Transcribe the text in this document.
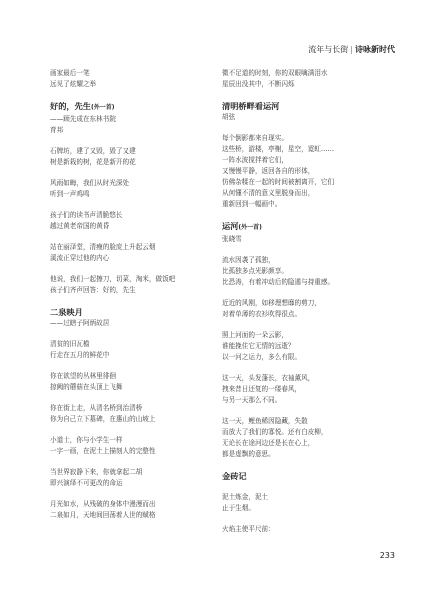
流年与长街 | 诗咏新时代
画家最后一笔
远见了炫耀之举
好的，先生(外一首)
——顾先成在东林书院
育邦
石牌坊，建了又毁，毁了又建
树是新栽的树，花是新开的花
风雨如晦，我们从时光深处
听到一声鸡鸣
孩子们的读书声清脆悠长
越过黄老帝国的黄昏
站在丽泽堂，清瘦的脸庞上升起云烟
溪流正穿过他的内心
他说，我们一起擦刀，切菜，淘米，做饭吧
孩子们齐声回答：好的，先生
二泉映月
——过瞎子阿炳故居
清贫的旧瓦檐
行走在五月的鲜花中
你在欲望的丛林里徘徊
掠阙的蘑菇在头顶上飞舞
你在街上走，从清名桥到治清桥
你为自己立下墓碑，在惠山的山坡上
小道士，你与小学生一样
一字一画，在泥土上描刻人的完整性
当世界寂静下来，你就拿起二胡
即兴演绎不可更改的命运
月光如水，从残破的身体中漫漫而出
二泉如月，天地间回荡着人世的赋格
微不足道的时刻，你的双眼噙满泪水
星辰出没其中，不断闪烁
清明桥畔看运河
胡弦
每个倒影都来自现实。
这些桥，游楼，亭榭，星空，霓虹……
一阵水波搅拌着它们，
又慢慢平静，返回各自的形体，
仿佛杂糅在一起的时间被割离开，它们
从何懂不清的意义里脱身而出，
重新回到一幅画中。
运河(外一首)
张晓雪
流水因袭了孤独，
比孤独多点光影颜享。
比恐涛，有着冲动后的隐遁与持重感。
近近的风刚，如移理想靡的剪刀，
对着单薄的衣衫吹得很点。
照上河面的一朵云影，
谁能挽住它无情的远逝？
以一河之运力，多么有限。
这一天，头发蓬长，衣袖薰风，
拽来昔日还复的一缕春风，
与另一天那么不同。
这一天，鲤鱼稀因隐藏，失散
而放大了我们的寡悦。还有白皮柳，
无论长在途河边还是长在心上，
都是虚飘的意思。
金砖记
泥土炼金，泥土
止于生烟。
火焰主使平尺前：
233
